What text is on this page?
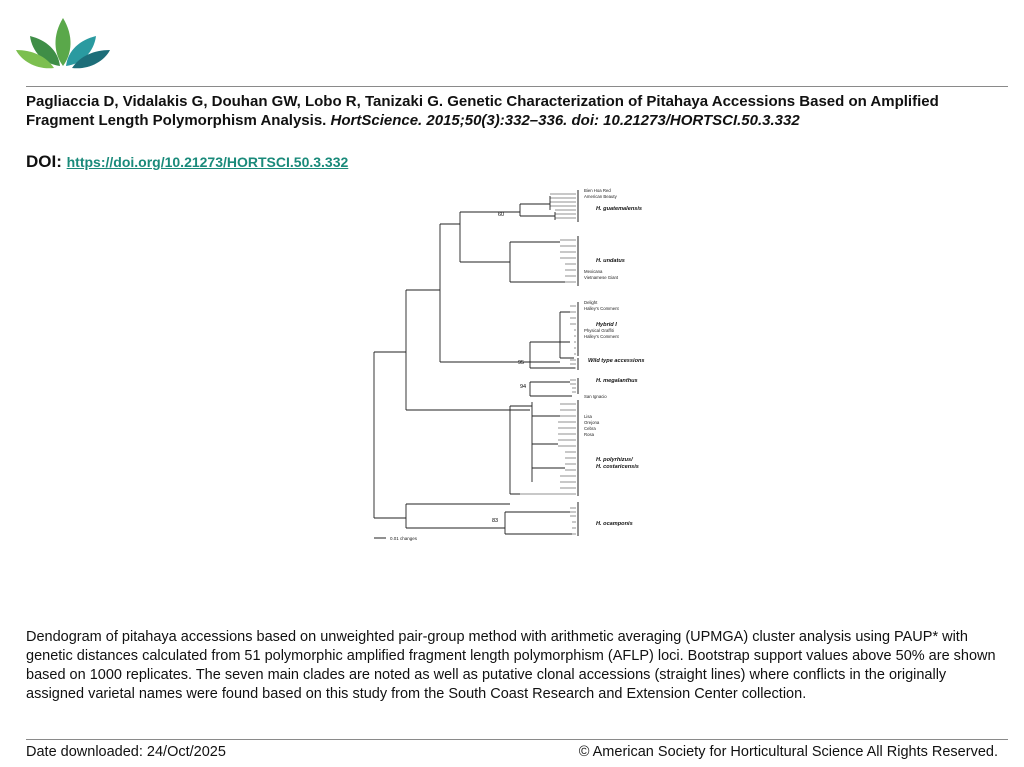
Pagliaccia D, Vidalakis G, Douhan GW, Lobo R, Tanizaki G. Genetic Characterization of Pitahaya Accessions Based on Amplified Fragment Length Polymorphism Analysis. HortScience. 2015;50(3):332–336. doi: 10.21273/HORTSCI.50.3.332

DOI: https://doi.org/10.21273/HORTSCI.50.3.332
60
95
94
83
Bien Hoa Red
American Beauty
Mexicana
Vietnamese Giant
Delight
Halley's Comment
Physical Graffiti
Halley's Comment
San Ignacio
Lisa
Orejona
Cebra
Rosa
H. guatemalensis
H. undatus
Hybrid I
Wild type accessions
H. megalanthus
H. polyrhizus/
H. costaricensis
H. ocamponis
0.01 changes

Dendogram of pitahaya accessions based on unweighted pair-group method with arithmetic averaging (UPMGA) cluster analysis using PAUP* with genetic distances calculated from 51 polymorphic amplified fragment length polymorphism (AFLP) loci. Bootstrap support values above 50% are shown based on 1000 replicates. The seven main clades are noted as well as putative clonal accessions (straight lines) where conflicts in the originally assigned varietal names were found based on this study from the South Coast Research and Extension Center collection.

Date downloaded: 24/Oct/2025	© American Society for Horticultural Science All Rights Reserved.
